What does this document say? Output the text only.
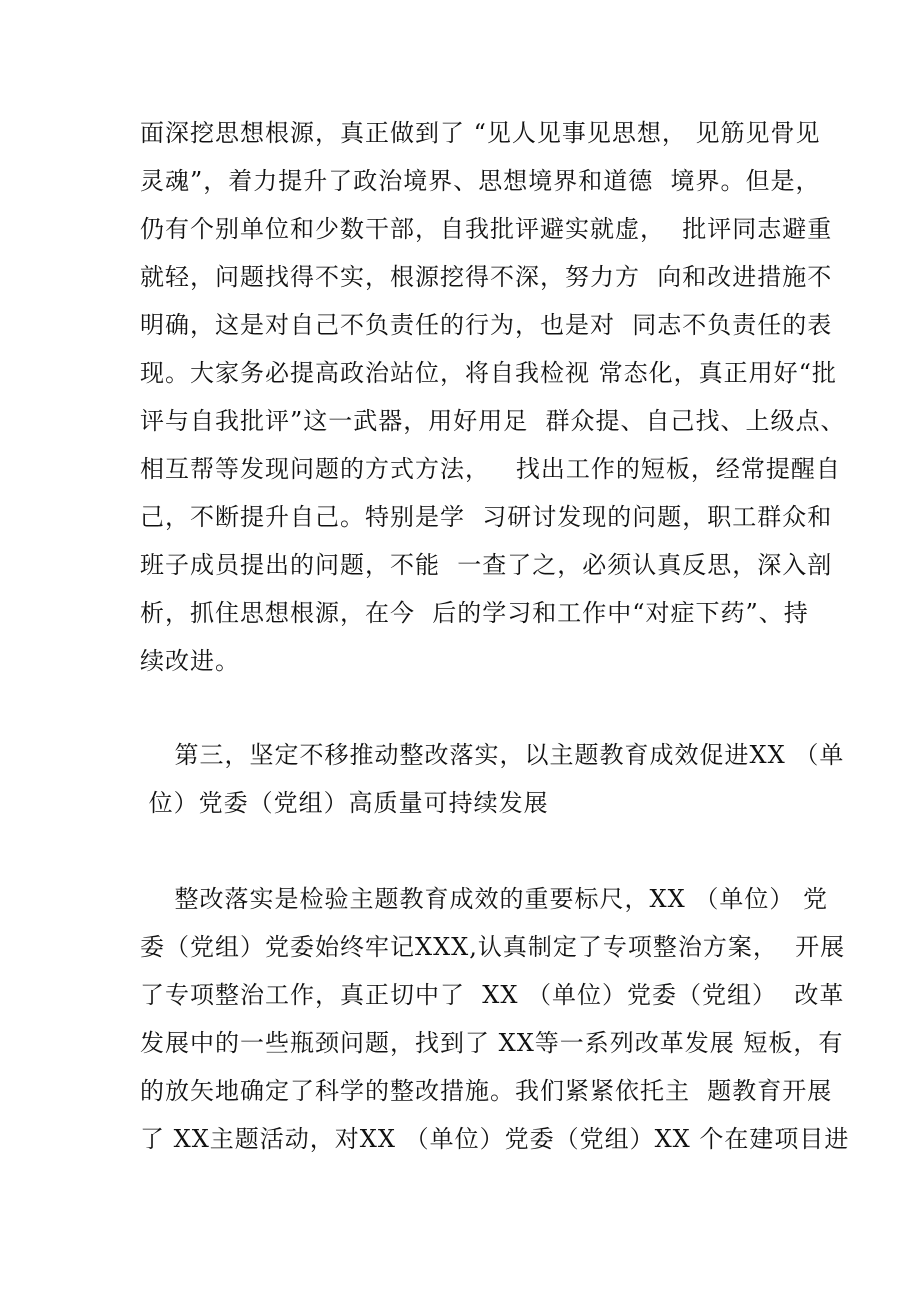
面深挖思想根源，真正做到了 “见人见事见思想， 见筋见骨见
灵魂”，着力提升了政治境界、思想境界和道德  境界。但是，
仍有个别单位和少数干部，自我批评避实就虚，  批评同志避重
就轻，问题找得不实，根源挖得不深，努力方  向和改进措施不
明确，这是对自己不负责任的行为，也是对  同志不负责任的表
现。大家务必提高政治站位，将自我检视 常态化，真正用好“批
评与自我批评”这一武器，用好用足  群众提、自己找、上级点、
相互帮等发现问题的方式方法，   找出工作的短板，经常提醒自
己，不断提升自己。特别是学  习研讨发现的问题，职工群众和
班子成员提出的问题，不能  一查了之，必须认真反思，深入剖
析，抓住思想根源，在今  后的学习和工作中“对症下药”、持
续改进。
第三，坚定不移推动整改落实，以主题教育成效促进XX （单
位）党委（党组）高质量可持续发展
整改落实是检验主题教育成效的重要标尺，XX （单位） 党
委（党组）党委始终牢记XXX,认真制定了专项整治方案，  开展
了专项整治工作，真正切中了  XX （单位）党委（党组）  改革
发展中的一些瓶颈问题，找到了 XX等一系列改革发展 短板，有
的放矢地确定了科学的整改措施。我们紧紧依托主  题教育开展
了 XX主题活动，对XX （单位）党委（党组）XX 个在建项目进
